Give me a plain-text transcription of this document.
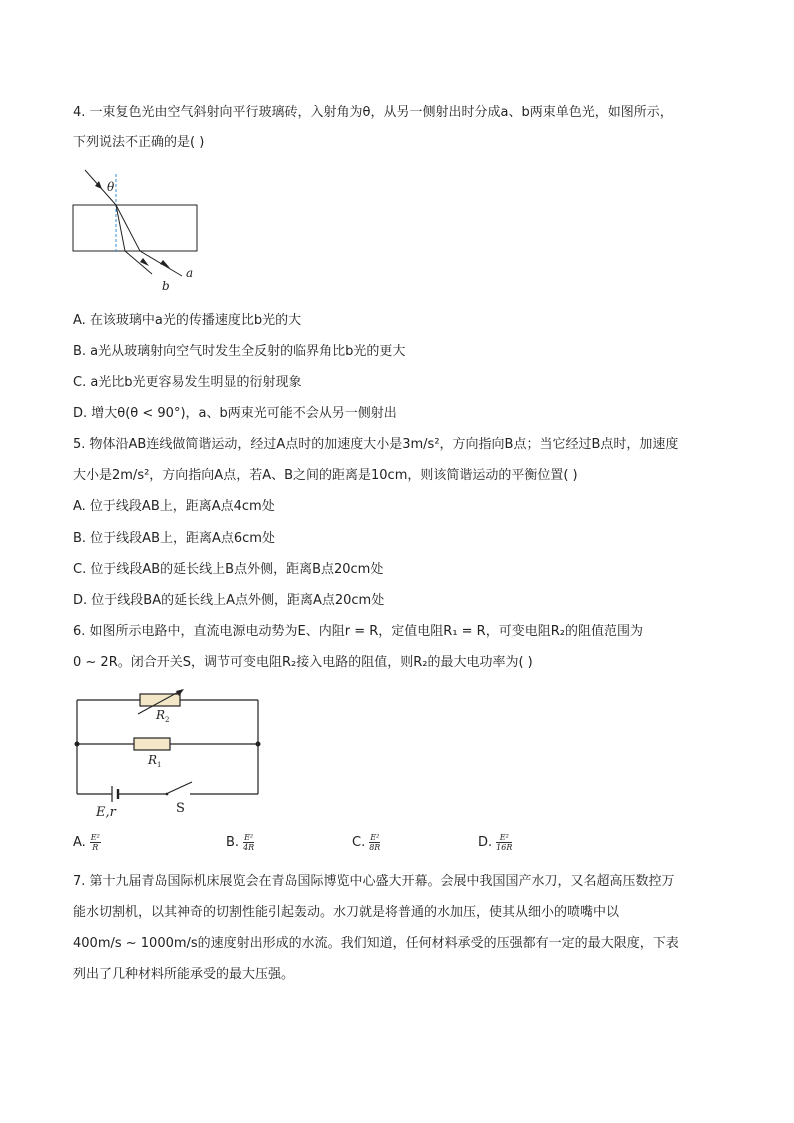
4. 一束复色光由空气斜射向平行玻璃砖，入射角为θ，从另一侧射出时分成a、b两束单色光，如图所示，
下列说法不正确的是( )
θ
a
b
A. 在该玻璃中a光的传播速度比b光的大
B. a光从玻璃射向空气时发生全反射的临界角比b光的更大
C. a光比b光更容易发生明显的衍射现象
D. 增大θ(θ < 90°)，a、b两束光可能不会从另一侧射出
5. 物体沿AB连线做简谐运动，经过A点时的加速度大小是3m/s²，方向指向B点；当它经过B点时，加速度
大小是2m/s²，方向指向A点，若A、B之间的距离是10cm，则该简谐运动的平衡位置( )
A. 位于线段AB上，距离A点4cm处
B. 位于线段AB上，距离A点6cm处
C. 位于线段AB的延长线上B点外侧，距离B点20cm处
D. 位于线段BA的延长线上A点外侧，距离A点20cm处
6. 如图所示电路中，直流电源电动势为E、内阻r = R，定值电阻R₁ = R，可变电阻R₂的阻值范围为
0 ~ 2R。闭合开关S，调节可变电阻R₂接入电路的阻值，则R₂的最大电功率为( )
R 2
R 1
E,r	S
A. $\frac{\text{E²}}{R}$	B. $\frac{\text{E²}}{4R}$	C. $\frac{\text{E²}}{8R}$	D. $\frac{\text{E²}}{16R}$
7. 第十九届青岛国际机床展览会在青岛国际博览中心盛大开幕。会展中我国国产水刀，又名超高压数控万
能水切割机，以其神奇的切割性能引起轰动。水刀就是将普通的水加压，使其从细小的喷嘴中以
400m/s ~ 1000m/s的速度射出形成的水流。我们知道，任何材料承受的压强都有一定的最大限度，下表
列出了几种材料所能承受的最大压强。
